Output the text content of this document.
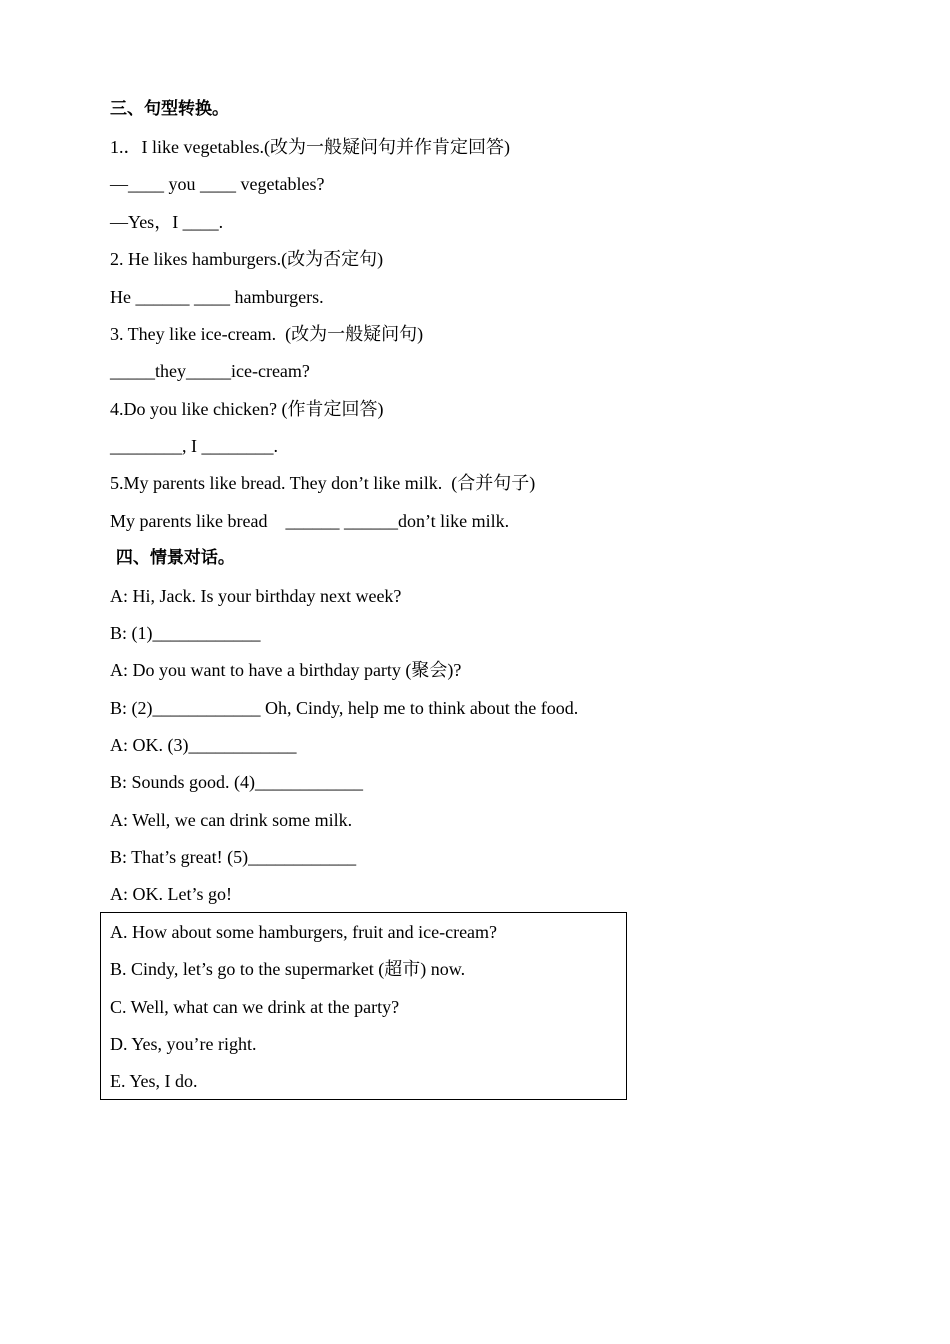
三、句型转换。
1.．I like vegetables.(改为一般疑问句并作肯定回答)
—____ you ____ vegetables?
—Yes，I ____.
2. He likes hamburgers.(改为否定句)
He ______ ____ hamburgers.
3. They like ice-cream.  (改为一般疑问句)
_____they_____ice-cream?
4.Do you like chicken? (作肯定回答)
________, I ________.
5.My parents like bread. They don’t like milk.  (合并句子)
My parents like bread    ______ ______don’t like milk.
四、情景对话。
A: Hi, Jack. Is your birthday next week?
B: (1)____________
A: Do you want to have a birthday party (聚会)?
B: (2)____________ Oh, Cindy, help me to think about the food.
A: OK. (3)____________
B: Sounds good. (4)____________
A: Well, we can drink some milk.
B: That’s great! (5)____________
A: OK. Let’s go!
A. How about some hamburgers, fruit and ice-cream?
B. Cindy, let’s go to the supermarket (超市) now.
C. Well, what can we drink at the party?
D. Yes, you’re right.
E. Yes, I do.
